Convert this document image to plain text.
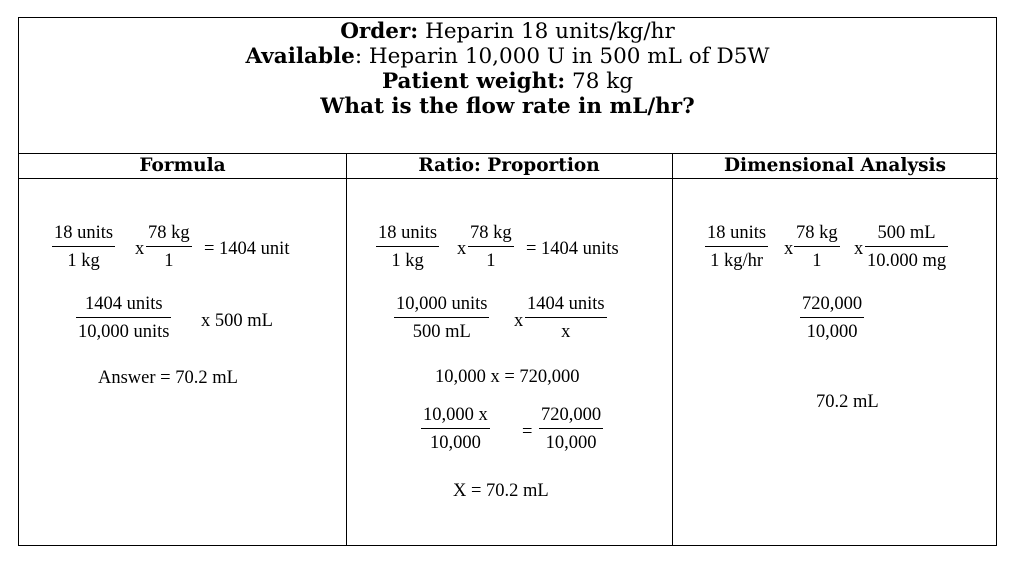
Order: Heparin 18 units/kg/hr
Available: Heparin 10,000 U in 500 mL of D5W
Patient weight: 78 kg
What is the flow rate in mL/hr?
Formula	Ratio: Proportion	Dimensional Analysis
18 units
1 kg
x $\frac{78 kg}{1} = 1404$ unit
1404 units
10,000 units
x 500 mL
Answer = 70.2 mL
18 units
1 kg
x $\frac{78 kg}{1} = 1404$ units
10,000 units
500 mL
x
1404 units
x
10,000 x = 720,000
$\frac{10,000 x}{10,000} = \frac{720,000}{10,000}$
X = 70.2 mL
18 units
1 kg/hr
x $\frac{78 kg}{1}$ x $\frac{500 mL}{10.000 mg}$
$\frac{720,000}{10,000}$
70.2 mL
